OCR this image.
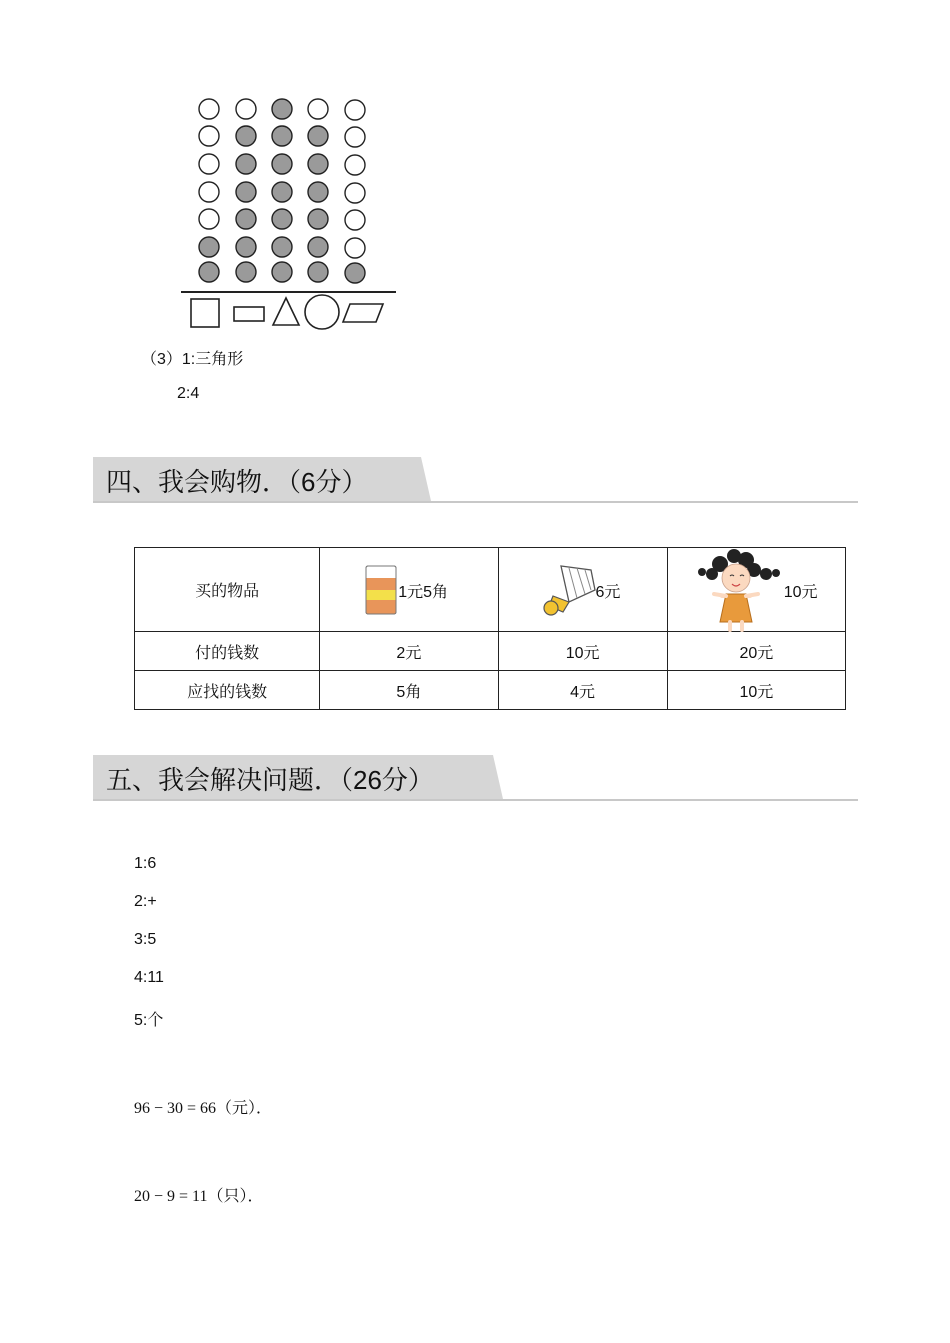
（3）1:三角形
2:4
四、我会购物．（6分）
买的物品	1元5角	6元	10元

付的钱数	2元	10元	20元
应找的钱数	5角	4元	10元
五、我会解决问题．（26分）
1:6
2:+
3:5
4:11
5:个
96 − 30 = 66（元）．
20 − 9 = 11（只）．
